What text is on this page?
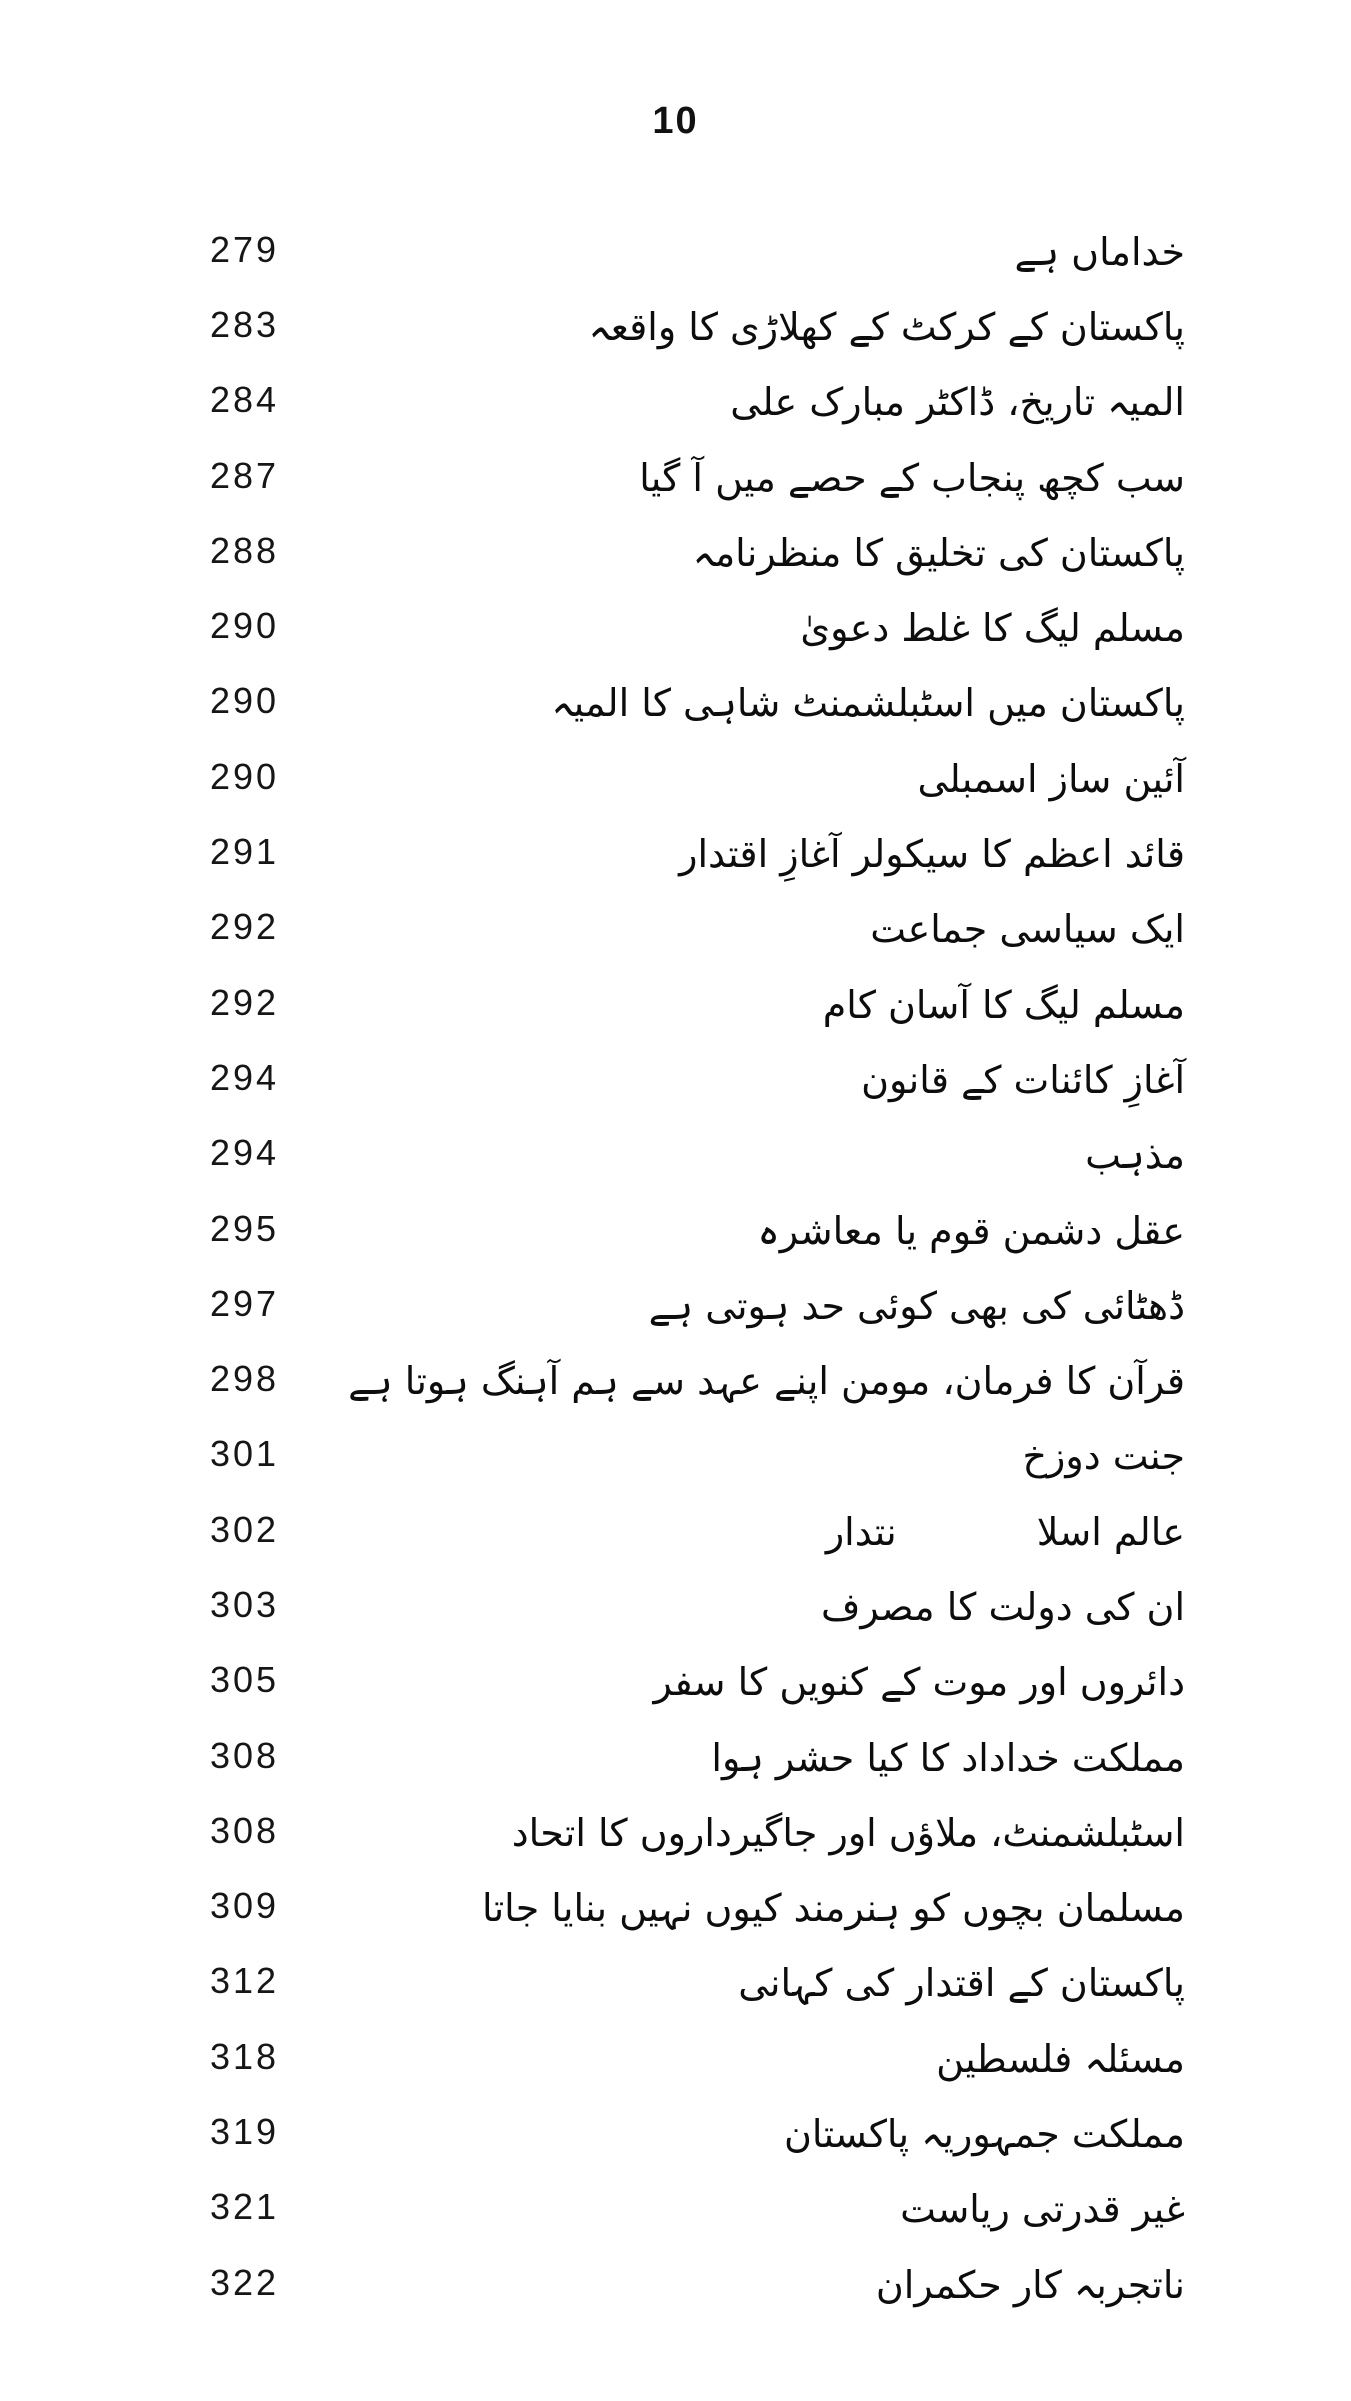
10
279	خداماں ہے
283	پاکستان کے کرکٹ کے کھلاڑی کا واقعہ
284	المیہ تاریخ، ڈاکٹر مبارک علی
287	سب کچھ پنجاب کے حصے میں آ گیا
288	پاکستان کی تخلیق کا منظرنامہ
290	مسلم لیگ کا غلط دعویٰ
290	پاکستان میں اسٹبلشمنٹ شاہی کا المیہ
290	آئین ساز اسمبلی
291	قائد اعظم کا سیکولر آغازِ اقتدار
292	ایک سیاسی جماعت
292	مسلم لیگ کا آسان کام
294	آغازِ کائنات کے قانون
294	مذہب
295	عقل دشمن قوم یا معاشرہ
297	ڈھٹائی کی بھی کوئی حد ہوتی ہے
298 قرآن کا فرمان، مومن اپنے عہد سے ہم آہنگ ہوتا ہے
301	جنت دوزخ
302	عالم اسلانتدار
303	ان کی دولت کا مصرف
305	دائروں اور موت کے کنویں کا سفر
308	مملکت خداداد کا کیا حشر ہوا
308	اسٹبلشمنٹ، ملاؤں اور جاگیرداروں کا اتحاد
309	مسلمان بچوں کو ہنرمند کیوں نہیں بنایا جاتا
312	پاکستان کے اقتدار کی کہانی
318	مسئلہ فلسطین
319	مملکت جمہوریہ پاکستان
321	غیر قدرتی ریاست
322	ناتجربہ کار حکمران
